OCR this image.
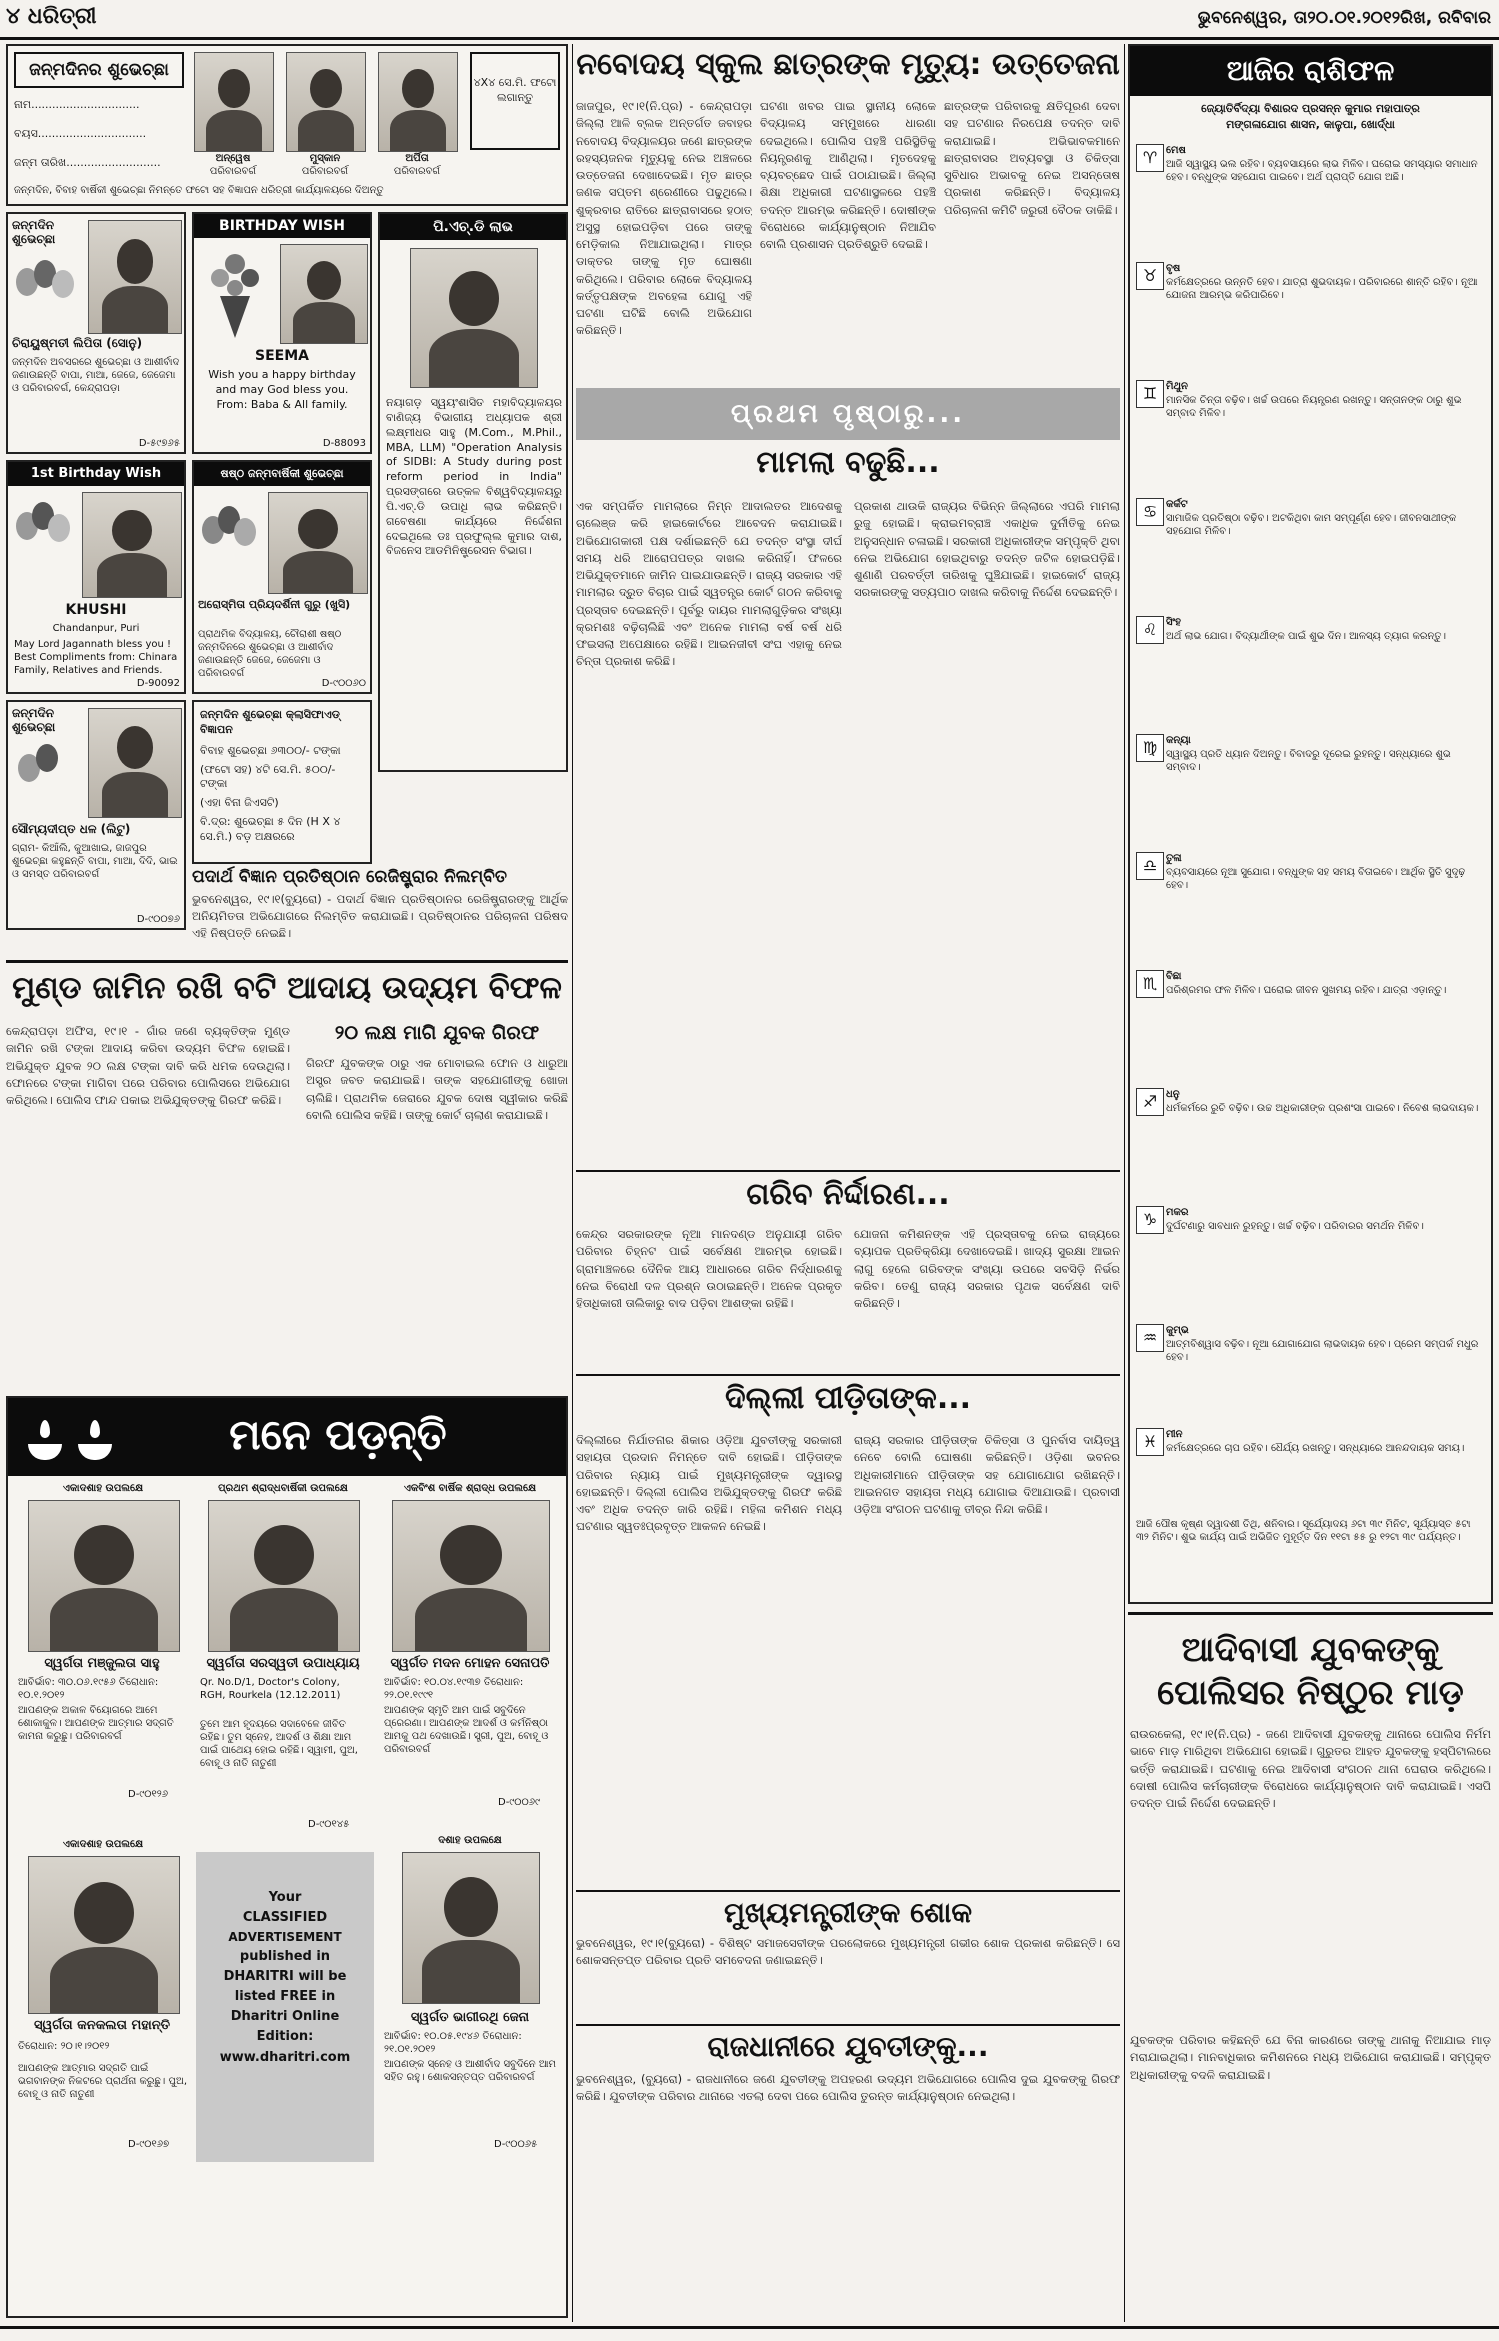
୪ ଧରିତ୍ରୀ	ଭୁବନେଶ୍ୱର, ତା୨୦.୦୧.୨୦୧୨ରିଖ, ରବିବାର
ଜନ୍ମଦିନର ଶୁଭେଚ୍ଛା
ନାମ...............................
ବୟସ...............................
ଜନ୍ମ ତାରିଖ...........................	ଅନ୍ୱେଷ	ମୁସ୍କାନ	ଅର୍ପିତା
ପରିବାରବର୍ଗ	ପରିବାରବର୍ଗ	ପରିବାରବର୍ଗ
୪X୪ ସେ.ମି. ଫଟୋ ଲଗାନ୍ତୁ
ଜନ୍ମଦିନ, ବିବାହ ବାର୍ଷିକୀ ଶୁଭେଚ୍ଛା ନିମନ୍ତେ ଫଟୋ ସହ ବିଜ୍ଞାପନ ଧରିତ୍ରୀ କାର୍ଯ୍ୟାଳୟରେ ଦିଅନ୍ତୁ
ଜନ୍ମଦିନ ଶୁଭେଚ୍ଛା
ଚିରାୟୁଷ୍ମତୀ ଲିପିତା (ସୋନୁ)
ଜନ୍ମଦିନ ଅବସରରେ ଶୁଭେଚ୍ଛା ଓ ଆଶୀର୍ବାଦ ଜଣାଉଛନ୍ତି ବାପା, ମାଆ, ଜେଜେ, ଜେଜେମା ଓ ପରିବାରବର୍ଗ, କେନ୍ଦ୍ରାପଡ଼ା
D-୫୯୭୬୫
BIRTHDAY WISH
SEEMA
Wish you a happy birthday and may God bless you. From: Baba & All family.
D-88093
ପି.ଏଚ୍.ଡି ଲାଭ
ନୟାଗଡ଼ ସ୍ୱୟଂଶାସିତ ମହାବିଦ୍ୟାଳୟର ବାଣିଜ୍ୟ ବିଭାଗୀୟ ଅଧ୍ୟାପକ ଶ୍ରୀ ଲକ୍ଷ୍ମୀଧର ସାହୁ (M.Com., M.Phil., MBA, LLM) "Operation Analysis of SIDBI: A Study during post reform period in India" ପ୍ରସଙ୍ଗରେ ଉତ୍କଳ ବିଶ୍ୱବିଦ୍ୟାଳୟରୁ ପି.ଏଚ୍.ଡି ଉପାଧି ଲାଭ କରିଛନ୍ତି। ଗବେଷଣା କାର୍ଯ୍ୟରେ ନିର୍ଦ୍ଦେଶନା ଦେଇଥିଲେ ଡଃ ପ୍ରଫୁଲ୍ଲ କୁମାର ଦାଶ, ବିଜନେସ ଆଡମିନିଷ୍ଟ୍ରେସନ ବିଭାଗ।
1st Birthday Wish
KHUSHI
Chandanpur, Puri
May Lord Jagannath bless you ! Best Compliments from: Chinara Family, Relatives and Friends.
D-90092
ଷଷ୍ଠ ଜନ୍ମବାର୍ଷିକୀ ଶୁଭେଚ୍ଛା
ଅରୋସ୍ମିତା ପ୍ରିୟଦର୍ଶିନୀ ଗୁରୁ (ଖୁସି)
ପ୍ରାଥମିକ ବିଦ୍ୟାଳୟ, ଚୌରାଶୀ ଷଷ୍ଠ ଜନ୍ମଦିନରେ ଶୁଭେଚ୍ଛା ଓ ଆଶୀର୍ବାଦ ଜଣାଉଛନ୍ତି ଜେଜେ, ଜେଜେମା ଓ ପରିବାରବର୍ଗ
D-୯୦୦୬୦
ଜନ୍ମଦିନ ଶୁଭେଚ୍ଛା
ସୌମ୍ୟଦୀପ୍ତ ଧଳ (ଲିଟୁ)
ଗ୍ରାମ- କିଆଁଲି, କୁଆଖାଇ, ଜାଜପୁର ଶୁଭେଚ୍ଛା କହୁଛନ୍ତି ବାପା, ମାଆ, ଦିଦି, ଭାଇ ଓ ସମସ୍ତ ପରିବାରବର୍ଗ
D-୯୦୦୭୬
ଜନ୍ମଦିନ ଶୁଭେଚ୍ଛା କ୍ଲାସିଫାଏଡ୍ ବିଜ୍ଞାପନ
ବିବାହ ଶୁଭେଚ୍ଛା ୬୩୦୦/- ଟଙ୍କା
(ଫଟୋ ସହ) ୪ଟି ସେ.ମି. ୫୦୦/- ଟଙ୍କା
(ଏହା ବିନା ଜିଏସଟି)
ବି.ଦ୍ର: ଶୁଭେଚ୍ଛା ୫ ଦିନ (H X ୪ ସେ.ମି.) ବଡ଼ ଅକ୍ଷରରେ
ପଦାର୍ଥ ବିଜ୍ଞାନ ପ୍ରତିଷ୍ଠାନ ରେଜିଷ୍ଟ୍ରାର ନିଲମ୍ବିତ
ଭୁବନେଶ୍ୱର, ୧୯।୧(ବ୍ୟୁରୋ) - ପଦାର୍ଥ ବିଜ୍ଞାନ ପ୍ରତିଷ୍ଠାନର ରେଜିଷ୍ଟ୍ରାରଙ୍କୁ ଆର୍ଥିକ ଅନିୟମିତତା ଅଭିଯୋଗରେ ନିଲମ୍ବିତ କରାଯାଇଛି। ପ୍ରତିଷ୍ଠାନର ପରିଚାଳନା ପରିଷଦ ଏହି ନିଷ୍ପତ୍ତି ନେଇଛି।
ମୁଣ୍ଡ ଜାମିନ ରଖି ବଟି ଆଦାୟ ଉଦ୍ୟମ ବିଫଳ
୨୦ ଲକ୍ଷ ମାଗି ଯୁବକ ଗିରଫ
କେନ୍ଦ୍ରାପଡ଼ା ଅଫିସ, ୧୯।୧ - ଗାଁର ଜଣେ ବ୍ୟକ୍ତିଙ୍କ ମୁଣ୍ଡ ଜାମିନ ରଖି ଟଙ୍କା ଆଦାୟ କରିବା ଉଦ୍ୟମ ବିଫଳ ହୋଇଛି। ଅଭିଯୁକ୍ତ ଯୁବକ ୨୦ ଲକ୍ଷ ଟଙ୍କା ଦାବି କରି ଧମକ ଦେଉଥିଲା। ଫୋନରେ ଟଙ୍କା ମାଗିବା ପରେ ପରିବାର ପୋଲିସରେ ଅଭିଯୋଗ କରିଥିଲେ। ପୋଲିସ ଫାନ୍ଦ ପକାଇ ଅଭିଯୁକ୍ତଙ୍କୁ ଗିରଫ କରିଛି।
ଗିରଫ ଯୁବକଙ୍କ ଠାରୁ ଏକ ମୋବାଇଲ ଫୋନ ଓ ଧାରୁଆ ଅସ୍ତ୍ର ଜବତ କରାଯାଇଛି। ତାଙ୍କ ସହଯୋଗୀଙ୍କୁ ଖୋଜା ଚାଲିଛି। ପ୍ରାଥମିକ ଜେରାରେ ଯୁବକ ଦୋଷ ସ୍ୱୀକାର କରିଛି ବୋଲି ପୋଲିସ କହିଛି। ତାଙ୍କୁ କୋର୍ଟ ଚାଲାଣ କରାଯାଇଛି।
ମନେ ପଡ଼ନ୍ତି
ଏକାଦଶାହ ଉପଲକ୍ଷେ
ସ୍ୱର୍ଗତା ମଞ୍ଜୁଲତା ସାହୁ
ଆବିର୍ଭାବ: ୩୦.୦୬.୧୯୫୬ ତିରୋଧାନ: ୧୦.୧.୨୦୧୨
ଆପଣଙ୍କ ଅକାଳ ବିୟୋଗରେ ଆମେ ଶୋକାକୁଳ। ଆପଣଙ୍କ ଆତ୍ମାର ସଦ୍‌ଗତି କାମନା କରୁଛୁ। ପରିବାରବର୍ଗ
D-୯୦୧୨୬
ପ୍ରଥମ ଶ୍ରାଦ୍ଧବାର୍ଷିକୀ ଉପଲକ୍ଷେ
ସ୍ୱର୍ଗତା ସରସ୍ୱତୀ ଉପାଧ୍ୟାୟ
Qr. No.D/1, Doctor's Colony, RGH, Rourkela (12.12.2011)
ତୁମେ ଆମ ହୃଦୟରେ ସଦାବେଳେ ଜୀବିତ ରହିଛ। ତୁମ ସ୍ନେହ, ଆଦର୍ଶ ଓ ଶିକ୍ଷା ଆମ ପାଇଁ ପାଥେୟ ହୋଇ ରହିଛି। ସ୍ୱାମୀ, ପୁଅ, ବୋହୂ ଓ ନାତି ନାତୁଣୀ
D-୯୦୧୪୫
ଏକବିଂଶ ବାର୍ଷିକ ଶ୍ରାଦ୍ଧ ଉପଲକ୍ଷେ
ସ୍ୱର୍ଗତ ମଦନ ମୋହନ ସେନାପତି
ଆବିର୍ଭାବ: ୧୦.୦୪.୧୯୩୭ ତିରୋଧାନ: ୨୨.୦୧.୧୯୯୧
ଆପଣଙ୍କ ସ୍ମୃତି ଆମ ପାଇଁ ସବୁଦିନେ ପ୍ରେରଣା। ଆପଣଙ୍କ ଆଦର୍ଶ ଓ କର୍ମନିଷ୍ଠା ଆମକୁ ପଥ ଦେଖାଉଛି। ସ୍ତ୍ରୀ, ପୁଅ, ବୋହୂ ଓ ପରିବାରବର୍ଗ
D-୯୦୦୬୯
ଏକାଦଶାହ ଉପଲକ୍ଷେ
ସ୍ୱର୍ଗତା କନକଲତା ମହାନ୍ତି
ତିରୋଧାନ: ୨୦।୧।୨୦୧୨
ଆପଣଙ୍କ ଆତ୍ମାର ସଦ୍‌ଗତି ପାଇଁ ଭଗବାନଙ୍କ ନିକଟରେ ପ୍ରାର୍ଥନା କରୁଛୁ। ପୁଅ, ବୋହୂ ଓ ନାତି ନାତୁଣୀ
D-୯୦୧୬୭
Your
CLASSIFIED
ADVERTISEMENT
published in
DHARITRI will be
listed FREE in
Dharitri Online
Edition:
www.dharitri.com
ଦଶାହ ଉପଲକ୍ଷେ
ସ୍ୱର୍ଗତ ଭାଗୀରଥି ଜେନା
ଆବିର୍ଭାବ: ୧୦.୦୫.୧୯୪୬ ତିରୋଧାନ: ୨୧.୦୧.୨୦୧୨
ଆପଣଙ୍କ ସ୍ନେହ ଓ ଆଶୀର୍ବାଦ ସବୁଦିନେ ଆମ ସହିତ ରହୁ। ଶୋକସନ୍ତପ୍ତ ପରିବାରବର୍ଗ
D-୯୦୦୬୫
ନବୋଦୟ ସ୍କୁଲ ଛାତ୍ରଙ୍କ ମୃତ୍ୟୁ: ଉତ୍ତେଜନା
ଜାଜପୁର, ୧୯।୧(ନି.ପ୍ର) - କେନ୍ଦ୍ରାପଡ଼ା ଜିଲ୍ଲା ଆଳି ବ୍ଲକ ଅନ୍ତର୍ଗତ ଜବାହର ନବୋଦୟ ବିଦ୍ୟାଳୟର ଜଣେ ଛାତ୍ରଙ୍କ ରହସ୍ୟଜନକ ମୃତ୍ୟୁକୁ ନେଇ ଅଞ୍ଚଳରେ ଉତ୍ତେଜନା ଦେଖାଦେଇଛି। ମୃତ ଛାତ୍ର ଜଣକ ସପ୍ତମ ଶ୍ରେଣୀରେ ପଢୁଥିଲେ। ଶୁକ୍ରବାର ରାତିରେ ଛାତ୍ରାବାସରେ ହଠାତ୍ ଅସୁସ୍ଥ ହୋଇପଡ଼ିବା ପରେ ତାଙ୍କୁ ମେଡ଼ିକାଲ ନିଆଯାଇଥିଲା। ମାତ୍ର ଡାକ୍ତର ତାଙ୍କୁ ମୃତ ଘୋଷଣା କରିଥିଲେ। ପରିବାର ଲୋକେ ବିଦ୍ୟାଳୟ କର୍ତ୍ତୃପକ୍ଷଙ୍କ ଅବହେଳା ଯୋଗୁ ଏହି ଘଟଣା ଘଟିଛି ବୋଲି ଅଭିଯୋଗ କରିଛନ୍ତି।
ଘଟଣା ଖବର ପାଇ ସ୍ଥାନୀୟ ଲୋକେ ବିଦ୍ୟାଳୟ ସମ୍ମୁଖରେ ଧାରଣା ଦେଇଥିଲେ। ପୋଲିସ ପହଞ୍ଚି ପରିସ୍ଥିତିକୁ ନିୟନ୍ତ୍ରଣକୁ ଆଣିଥିଲା। ମୃତଦେହକୁ ବ୍ୟବଚ୍ଛେଦ ପାଇଁ ପଠାଯାଇଛି। ଜିଲ୍ଲା ଶିକ୍ଷା ଅଧିକାରୀ ଘଟଣାସ୍ଥଳରେ ପହଞ୍ଚି ତଦନ୍ତ ଆରମ୍ଭ କରିଛନ୍ତି। ଦୋଷୀଙ୍କ ବିରୋଧରେ କାର୍ଯ୍ୟାନୁଷ୍ଠାନ ନିଆଯିବ ବୋଲି ପ୍ରଶାସନ ପ୍ରତିଶ୍ରୁତି ଦେଇଛି।
ଛାତ୍ରଙ୍କ ପରିବାରକୁ କ୍ଷତିପୂରଣ ଦେବା ସହ ଘଟଣାର ନିରପେକ୍ଷ ତଦନ୍ତ ଦାବି କରାଯାଇଛି। ଅଭିଭାବକମାନେ ଛାତ୍ରାବାସର ଅବ୍ୟବସ୍ଥା ଓ ଚିକିତ୍ସା ସୁବିଧାର ଅଭାବକୁ ନେଇ ଅସନ୍ତୋଷ ପ୍ରକାଶ କରିଛନ୍ତି। ବିଦ୍ୟାଳୟ ପରିଚାଳନା କମିଟି ଜରୁରୀ ବୈଠକ ଡାକିଛି।
ପ୍ରଥମ ପୃଷ୍ଠାରୁ...
ମାମଲା ବଢୁଛି...
ଏକ ସମ୍ପର୍କିତ ମାମଲାରେ ନିମ୍ନ ଆଦାଲତର ଆଦେଶକୁ ଚାଲେଞ୍ଜ କରି ହାଇକୋର୍ଟରେ ଆବେଦନ କରାଯାଇଛି। ଅଭିଯୋଗକାରୀ ପକ୍ଷ ଦର୍ଶାଇଛନ୍ତି ଯେ ତଦନ୍ତ ସଂସ୍ଥା ଦୀର୍ଘ ସମୟ ଧରି ଆରୋପପତ୍ର ଦାଖଲ କରିନାହିଁ। ଫଳରେ ଅଭିଯୁକ୍ତମାନେ ଜାମିନ ପାଇଯାଉଛନ୍ତି। ରାଜ୍ୟ ସରକାର ଏହି ମାମଲାର ଦ୍ରୁତ ବିଚାର ପାଇଁ ସ୍ୱତନ୍ତ୍ର କୋର୍ଟ ଗଠନ କରିବାକୁ ପ୍ରସ୍ତାବ ଦେଇଛନ୍ତି। ପୂର୍ବରୁ ଦାୟର ମାମଲାଗୁଡ଼ିକର ସଂଖ୍ୟା କ୍ରମଶଃ ବଢ଼ିଚାଲିଛି ଏବଂ ଅନେକ ମାମଲା ବର୍ଷ ବର୍ଷ ଧରି ଫଇସଲା ଅପେକ୍ଷାରେ ରହିଛି। ଆଇନଜୀବୀ ସଂଘ ଏହାକୁ ନେଇ ଚିନ୍ତା ପ୍ରକାଶ କରିଛି।
ପ୍ରକାଶ ଥାଉକି ରାଜ୍ୟର ବିଭିନ୍ନ ଜିଲ୍ଲାରେ ଏପରି ମାମଲା ରୁଜୁ ହୋଇଛି। କ୍ରାଇମବ୍ରାଞ୍ଚ ଏକାଧିକ ଦୁର୍ନୀତିକୁ ନେଇ ଅନୁସନ୍ଧାନ ଚଳାଇଛି। ସରକାରୀ ଅଧିକାରୀଙ୍କ ସମ୍ପୃକ୍ତି ଥିବା ନେଇ ଅଭିଯୋଗ ହୋଇଥିବାରୁ ତଦନ୍ତ ଜଟିଳ ହୋଇପଡ଼ିଛି। ଶୁଣାଣି ପରବର୍ତ୍ତୀ ତାରିଖକୁ ଘୁଞ୍ଚିଯାଇଛି। ହାଇକୋର୍ଟ ରାଜ୍ୟ ସରକାରଙ୍କୁ ସତ୍ୟପାଠ ଦାଖଲ କରିବାକୁ ନିର୍ଦ୍ଦେଶ ଦେଇଛନ୍ତି।
ଗରିବ ନିର୍ଦ୍ଦାରଣ...
କେନ୍ଦ୍ର ସରକାରଙ୍କ ନୂଆ ମାନଦଣ୍ଡ ଅନୁଯାୟୀ ଗରିବ ପରିବାର ଚିହ୍ନଟ ପାଇଁ ସର୍ବେକ୍ଷଣ ଆରମ୍ଭ ହୋଇଛି। ଗ୍ରାମାଞ୍ଚଳରେ ଦୈନିକ ଆୟ ଆଧାରରେ ଗରିବ ନିର୍ଦ୍ଧାରଣକୁ ନେଇ ବିରୋଧୀ ଦଳ ପ୍ରଶ୍ନ ଉଠାଇଛନ୍ତି। ଅନେକ ପ୍ରକୃତ ହିତାଧିକାରୀ ତାଲିକାରୁ ବାଦ ପଡ଼ିବା ଆଶଙ୍କା ରହିଛି।
ଯୋଜନା କମିଶନଙ୍କ ଏହି ପ୍ରସ୍ତାବକୁ ନେଇ ରାଜ୍ୟରେ ବ୍ୟାପକ ପ୍ରତିକ୍ରିୟା ଦେଖାଦେଇଛି। ଖାଦ୍ୟ ସୁରକ୍ଷା ଆଇନ ଲାଗୁ ହେଲେ ଗରିବଙ୍କ ସଂଖ୍ୟା ଉପରେ ସବସିଡ଼ି ନିର୍ଭର କରିବ। ତେଣୁ ରାଜ୍ୟ ସରକାର ପୃଥକ ସର୍ବେକ୍ଷଣ ଦାବି କରିଛନ୍ତି।
ଦିଲ୍ଲୀ ପୀଡ଼ିତାଙ୍କ...
ଦିଲ୍ଲୀରେ ନିର୍ଯାତନାର ଶିକାର ଓଡ଼ିଆ ଯୁବତୀଙ୍କୁ ସରକାରୀ ସହାୟତା ପ୍ରଦାନ ନିମନ୍ତେ ଦାବି ହୋଇଛି। ପୀଡ଼ିତାଙ୍କ ପରିବାର ନ୍ୟାୟ ପାଇଁ ମୁଖ୍ୟମନ୍ତ୍ରୀଙ୍କ ଦ୍ୱାରସ୍ଥ ହୋଇଛନ୍ତି। ଦିଲ୍ଲୀ ପୋଲିସ ଅଭିଯୁକ୍ତଙ୍କୁ ଗିରଫ କରିଛି ଏବଂ ଅଧିକ ତଦନ୍ତ ଜାରି ରହିଛି। ମହିଳା କମିଶନ ମଧ୍ୟ ଘଟଣାର ସ୍ୱତଃପ୍ରବୃତ୍ତ ଆକଳନ ନେଇଛି।
ରାଜ୍ୟ ସରକାର ପୀଡ଼ିତାଙ୍କ ଚିକିତ୍ସା ଓ ପୁନର୍ବାସ ଦାୟିତ୍ୱ ନେବେ ବୋଲି ଘୋଷଣା କରିଛନ୍ତି। ଓଡ଼ିଶା ଭବନର ଅଧିକାରୀମାନେ ପୀଡ଼ିତାଙ୍କ ସହ ଯୋଗାଯୋଗ ରଖିଛନ୍ତି। ଆଇନଗତ ସହାୟତା ମଧ୍ୟ ଯୋଗାଇ ଦିଆଯାଉଛି। ପ୍ରବାସୀ ଓଡ଼ିଆ ସଂଗଠନ ଘଟଣାକୁ ତୀବ୍ର ନିନ୍ଦା କରିଛି।
ମୁଖ୍ୟମନ୍ତ୍ରୀଙ୍କ ଶୋକ
ଭୁବନେଶ୍ୱର, ୧୯।୧(ବ୍ୟୁରୋ) - ବିଶିଷ୍ଟ ସମାଜସେବୀଙ୍କ ପରଲୋକରେ ମୁଖ୍ୟମନ୍ତ୍ରୀ ଗଭୀର ଶୋକ ପ୍ରକାଶ କରିଛନ୍ତି। ସେ ଶୋକସନ୍ତପ୍ତ ପରିବାର ପ୍ରତି ସମବେଦନା ଜଣାଇଛନ୍ତି।
ରାଜଧାନୀରେ ଯୁବତୀଙ୍କୁ...
ଭୁବନେଶ୍ୱର, (ବ୍ୟୁରୋ) - ରାଜଧାନୀରେ ଜଣେ ଯୁବତୀଙ୍କୁ ଅପହରଣ ଉଦ୍ୟମ ଅଭିଯୋଗରେ ପୋଲିସ ଦୁଇ ଯୁବକଙ୍କୁ ଗିରଫ କରିଛି। ଯୁବତୀଙ୍କ ପରିବାର ଥାନାରେ ଏତଲା ଦେବା ପରେ ପୋଲିସ ତୁରନ୍ତ କାର୍ଯ୍ୟାନୁଷ୍ଠାନ ନେଇଥିଲା।
ଆଜିର ରାଶିଫଳ
ଜ୍ୟୋତିର୍ବିଦ୍ୟା ବିଶାରଦ ପ୍ରସନ୍ନ କୁମାର ମହାପାତ୍ର
ମଙ୍ଗଳାଯୋଗ ଶାସନ, କାଳୁପା, ଖୋର୍ଦ୍ଧା
♈ ମେଷ
ଆଜି ସ୍ୱାସ୍ଥ୍ୟ ଭଲ ରହିବ। ବ୍ୟବସାୟରେ ଲାଭ ମିଳିବ। ଘରୋଇ ସମସ୍ୟାର ସମାଧାନ ହେବ। ବନ୍ଧୁଙ୍କ ସହଯୋଗ ପାଇବେ। ଅର୍ଥ ପ୍ରାପ୍ତି ଯୋଗ ଅଛି।
♉ ବୃଷ
କର୍ମକ୍ଷେତ୍ରରେ ଉନ୍ନତି ହେବ। ଯାତ୍ରା ଶୁଭଦାୟକ। ପରିବାରରେ ଶାନ୍ତି ରହିବ। ନୂଆ ଯୋଜନା ଆରମ୍ଭ କରିପାରିବେ।
♊ ମିଥୁନ
ମାନସିକ ଚିନ୍ତା ବଢ଼ିବ। ଖର୍ଚ୍ଚ ଉପରେ ନିୟନ୍ତ୍ରଣ ରଖନ୍ତୁ। ସନ୍ତାନଙ୍କ ଠାରୁ ଶୁଭ ସମ୍ବାଦ ମିଳିବ।
♋ କର୍କଟ
ସାମାଜିକ ପ୍ରତିଷ୍ଠା ବଢ଼ିବ। ଅଟକିଥିବା କାମ ସମ୍ପୂର୍ଣ୍ଣ ହେବ। ଜୀବନସାଥୀଙ୍କ ସହଯୋଗ ମିଳିବ।
♌ ସିଂହ
ଅର୍ଥ ଲାଭ ଯୋଗ। ବିଦ୍ୟାର୍ଥୀଙ୍କ ପାଇଁ ଶୁଭ ଦିନ। ଆଳସ୍ୟ ତ୍ୟାଗ କରନ୍ତୁ।
♍ କନ୍ୟା
ସ୍ୱାସ୍ଥ୍ୟ ପ୍ରତି ଧ୍ୟାନ ଦିଅନ୍ତୁ। ବିବାଦରୁ ଦୂରେଇ ରୁହନ୍ତୁ। ସନ୍ଧ୍ୟାରେ ଶୁଭ ସମ୍ବାଦ।
♎ ତୁଳା
ବ୍ୟବସାୟରେ ନୂଆ ସୁଯୋଗ। ବନ୍ଧୁଙ୍କ ସହ ସମୟ ବିତାଇବେ। ଆର୍ଥିକ ସ୍ଥିତି ସୁଦୃଢ଼ ହେବ।
♏ ବିଛା
ପରିଶ୍ରମର ଫଳ ମିଳିବ। ଘରୋଇ ଜୀବନ ସୁଖମୟ ରହିବ। ଯାତ୍ରା ଏଡ଼ାନ୍ତୁ।
♐ ଧନୁ
ଧର୍ମକର୍ମରେ ରୁଚି ବଢ଼ିବ। ଉଚ୍ଚ ଅଧିକାରୀଙ୍କ ପ୍ରଶଂସା ପାଇବେ। ନିବେଶ ଲାଭଦାୟକ।
♑ ମକର
ଦୁର୍ଘଟଣାରୁ ସାବଧାନ ରୁହନ୍ତୁ। ଖର୍ଚ୍ଚ ବଢ଼ିବ। ପରିବାରର ସମର୍ଥନ ମିଳିବ।
♒ କୁମ୍ଭ
ଆତ୍ମବିଶ୍ୱାସ ବଢ଼ିବ। ନୂଆ ଯୋଗାଯୋଗ ଲାଭଦାୟକ ହେବ। ପ୍ରେମ ସମ୍ପର୍କ ମଧୁର ହେବ।
♓ ମୀନ
କର୍ମକ୍ଷେତ୍ରରେ ଚାପ ରହିବ। ଧୈର୍ଯ୍ୟ ରଖନ୍ତୁ। ସନ୍ଧ୍ୟାରେ ଆନନ୍ଦଦାୟକ ସମୟ।
ଆଜି ପୌଷ କୃଷ୍ଣ ଦ୍ୱାଦଶୀ ତିଥି, ଶନିବାର। ସୂର୍ଯ୍ୟୋଦୟ ୬ଟା ୩୯ ମିନିଟ, ସୂର୍ଯ୍ୟାସ୍ତ ୫ଟା ୩୨ ମିନିଟ। ଶୁଭ କାର୍ଯ୍ୟ ପାଇଁ ଅଭିଜିତ ମୁହୂର୍ତ୍ତ ଦିନ ୧୧ଟା ୫୫ ରୁ ୧୨ଟା ୩୯ ପର୍ଯ୍ୟନ୍ତ।
ଆଦିବାସୀ ଯୁବକଙ୍କୁ ପୋଲିସର ନିଷ୍ଠୁର ମାଡ଼
ରାଉରକେଲା, ୧୯।୧(ନି.ପ୍ର) - ଜଣେ ଆଦିବାସୀ ଯୁବକଙ୍କୁ ଥାନାରେ ପୋଲିସ ନିର୍ମମ ଭାବେ ମାଡ଼ ମାରିଥିବା ଅଭିଯୋଗ ହୋଇଛି। ଗୁରୁତର ଆହତ ଯୁବକଙ୍କୁ ହସ୍ପିଟାଲରେ ଭର୍ତ୍ତି କରାଯାଇଛି। ଘଟଣାକୁ ନେଇ ଆଦିବାସୀ ସଂଗଠନ ଥାନା ଘେରାଉ କରିଥିଲେ। ଦୋଷୀ ପୋଲିସ କର୍ମଚାରୀଙ୍କ ବିରୋଧରେ କାର୍ଯ୍ୟାନୁଷ୍ଠାନ ଦାବି କରାଯାଇଛି। ଏସପି ତଦନ୍ତ ପାଇଁ ନିର୍ଦ୍ଦେଶ ଦେଇଛନ୍ତି।
ଯୁବକଙ୍କ ପରିବାର କହିଛନ୍ତି ଯେ ବିନା କାରଣରେ ତାଙ୍କୁ ଥାନାକୁ ନିଆଯାଇ ମାଡ଼ ମରାଯାଇଥିଲା। ମାନବାଧିକାର କମିଶନରେ ମଧ୍ୟ ଅଭିଯୋଗ କରାଯାଇଛି। ସମ୍ପୃକ୍ତ ଅଧିକାରୀଙ୍କୁ ବଦଳି କରାଯାଇଛି।
